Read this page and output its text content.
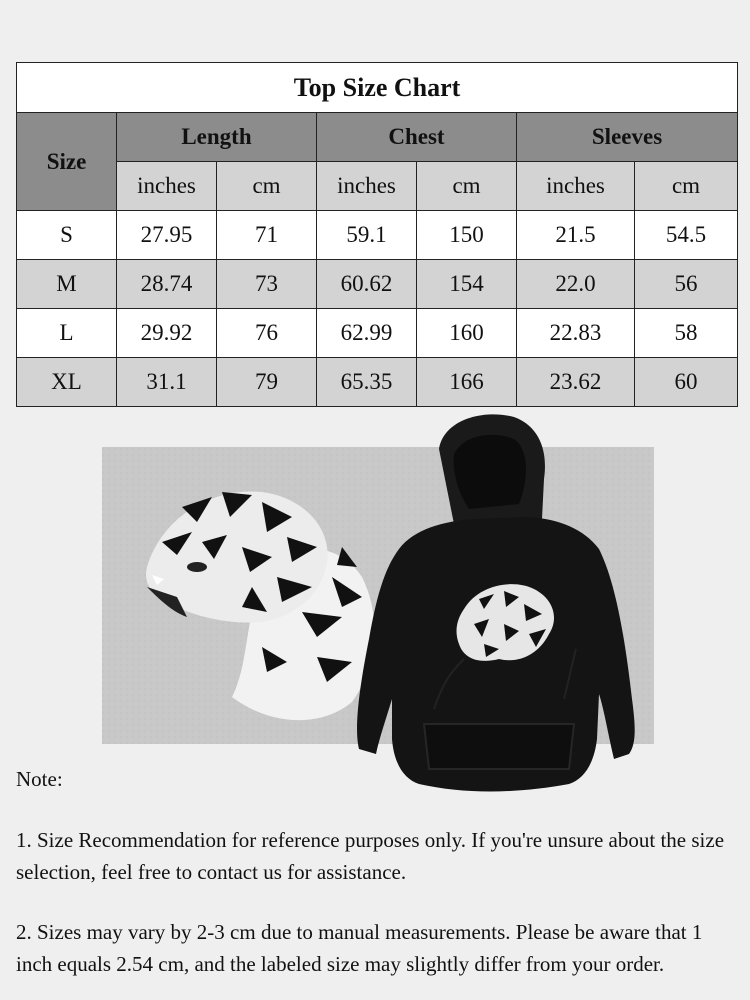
Top Size Chart						
Size	Length		Chest		Sleeves	
	inches	cm	inches	cm	inches	cm
S	27.95	71	59.1	150	21.5	54.5
M	28.74	73	60.62	154	22.0	56
L	29.92	76	62.99	160	22.83	58
XL	31.1	79	65.35	166	23.62	60
Note:
1. Size Recommendation for reference purposes only. If you're unsure about the size selection, feel free to contact us for assistance.
2. Sizes may vary by 2-3 cm due to manual measurements. Please be aware that 1 inch equals 2.54 cm, and the labeled size may slightly differ from your order.
